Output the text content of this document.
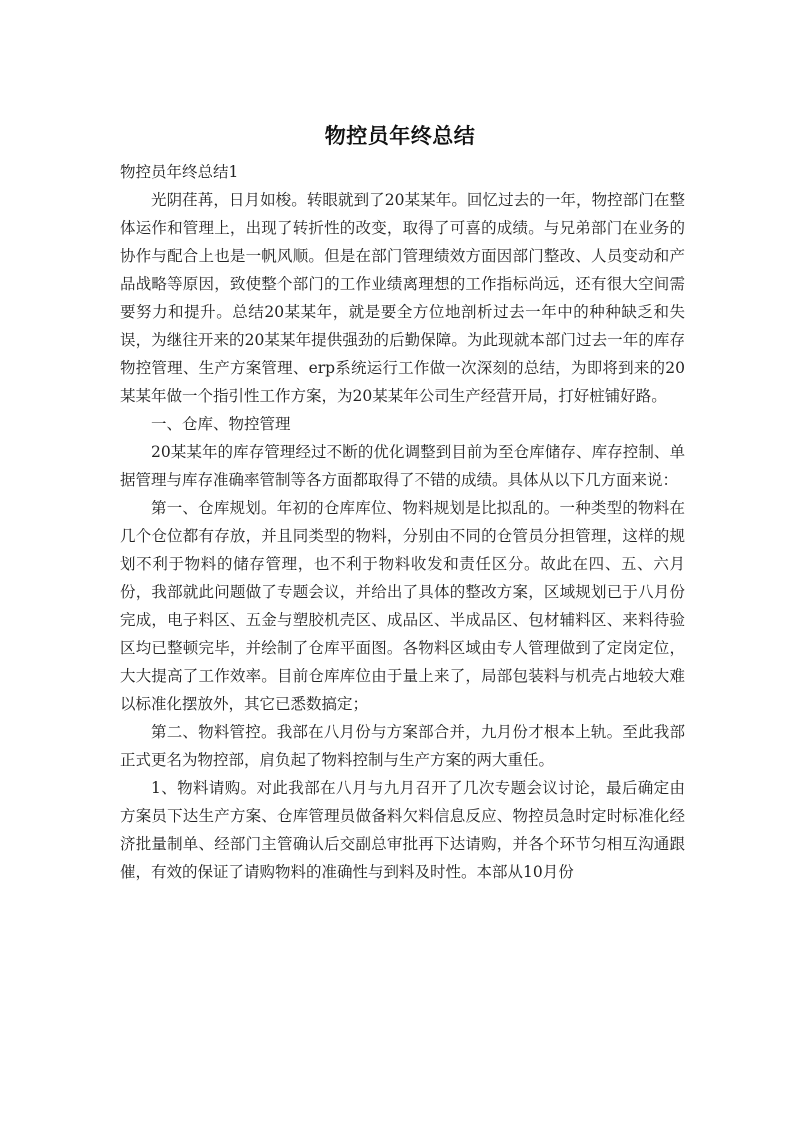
物控员年终总结

物控员年终总结1

光阴荏苒，日月如梭。转眼就到了20某某年。回忆过去的一年，物控部门在整体运作和管理上，出现了转折性的改变，取得了可喜的成绩。与兄弟部门在业务的协作与配合上也是一帆风顺。但是在部门管理绩效方面因部门整改、人员变动和产品战略等原因，致使整个部门的工作业绩离理想的工作指标尚远，还有很大空间需要努力和提升。总结20某某年，就是要全方位地剖析过去一年中的种种缺乏和失误，为继往开来的20某某年提供强劲的后勤保障。为此现就本部门过去一年的库存物控管理、生产方案管理、erp系统运行工作做一次深刻的总结，为即将到来的20某某年做一个指引性工作方案，为20某某年公司生产经营开局，打好桩铺好路。

一、仓库、物控管理

20某某年的库存管理经过不断的优化调整到目前为至仓库储存、库存控制、单据管理与库存准确率管制等各方面都取得了不错的成绩。具体从以下几方面来说：

第一、仓库规划。年初的仓库库位、物料规划是比拟乱的。一种类型的物料在几个仓位都有存放，并且同类型的物料，分别由不同的仓管员分担管理，这样的规划不利于物料的储存管理，也不利于物料收发和责任区分。故此在四、五、六月份，我部就此问题做了专题会议，并给出了具体的整改方案，区域规划已于八月份完成，电子料区、五金与塑胶机壳区、成品区、半成品区、包材辅料区、来料待验区均已整顿完毕，并绘制了仓库平面图。各物料区域由专人管理做到了定岗定位，大大提高了工作效率。目前仓库库位由于量上来了，局部包装料与机壳占地较大难以标准化摆放外，其它已悉数搞定；

第二、物料管控。我部在八月份与方案部合并，九月份才根本上轨。至此我部正式更名为物控部，肩负起了物料控制与生产方案的两大重任。

1、物料请购。对此我部在八月与九月召开了几次专题会议讨论，最后确定由方案员下达生产方案、仓库管理员做备料欠料信息反应、物控员急时定时标准化经济批量制单、经部门主管确认后交副总审批再下达请购，并各个环节匀相互沟通跟催，有效的保证了请购物料的准确性与到料及时性。本部从10月份
